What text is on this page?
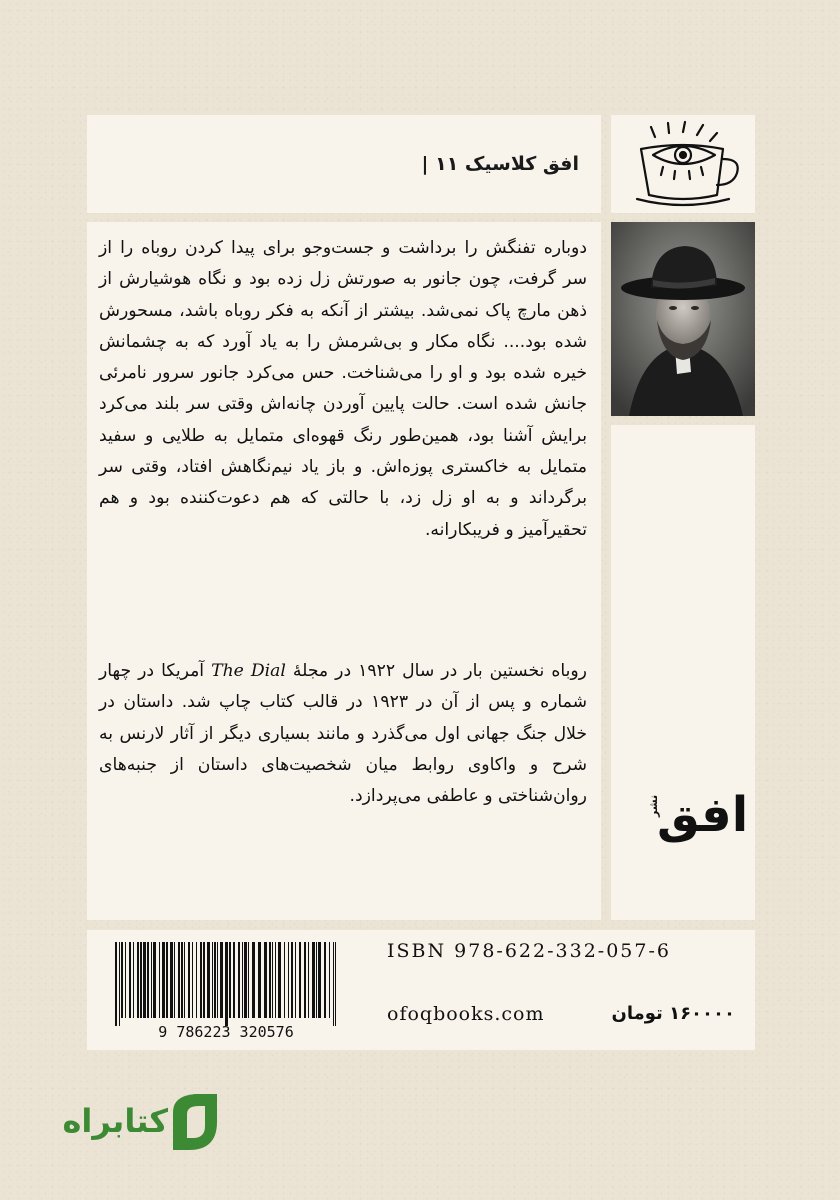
افق کلاسیک ۱۱ |

دوباره تفنگش را برداشت و جست‌وجو برای پیدا کردن روباه را از سر گرفت، چون جانور به صورتش زل زده بود و نگاه هوشیارش از ذهن مارچ پاک نمی‌شد. بیشتر از آنکه به فکر روباه باشد، مسحورش شده بود.... نگاه مکار و بی‌شرمش را به یاد آورد که به چشمانش خیره شده بود و او را می‌شناخت. حس می‌کرد جانور سرور نامرئی جانش شده است. حالت پایین آوردن چانه‌اش وقتی سر بلند می‌کرد برایش آشنا بود، همین‌طور رنگ قهوه‌ای متمایل به طلایی و سفید متمایل به خاکستری پوزه‌اش. و باز یاد نیم‌نگاهش افتاد، وقتی سر برگرداند و به او زل زد، با حالتی که هم دعوت‌کننده بود و هم تحقیرآمیز و فریبکارانه.

روباه نخستین بار در سال ۱۹۲۲ در مجلهٔ The Dial آمریکا در چهار شماره و پس از آن در ۱۹۲۳ در قالب کتاب چاپ شد. داستان در خلال جنگ جهانی اول می‌گذرد و مانند بسیاری دیگر از آثار لارنس به شرح و واکاوی روابط میان شخصیت‌های داستان از جنبه‌های روان‌شناختی و عاطفی می‌پردازد.	نشر
افق
9 786223 320576
ISBN 978-622-332-057-6
ofoqbooks.com	۱۶۰۰۰۰ تومان
کتابراه
